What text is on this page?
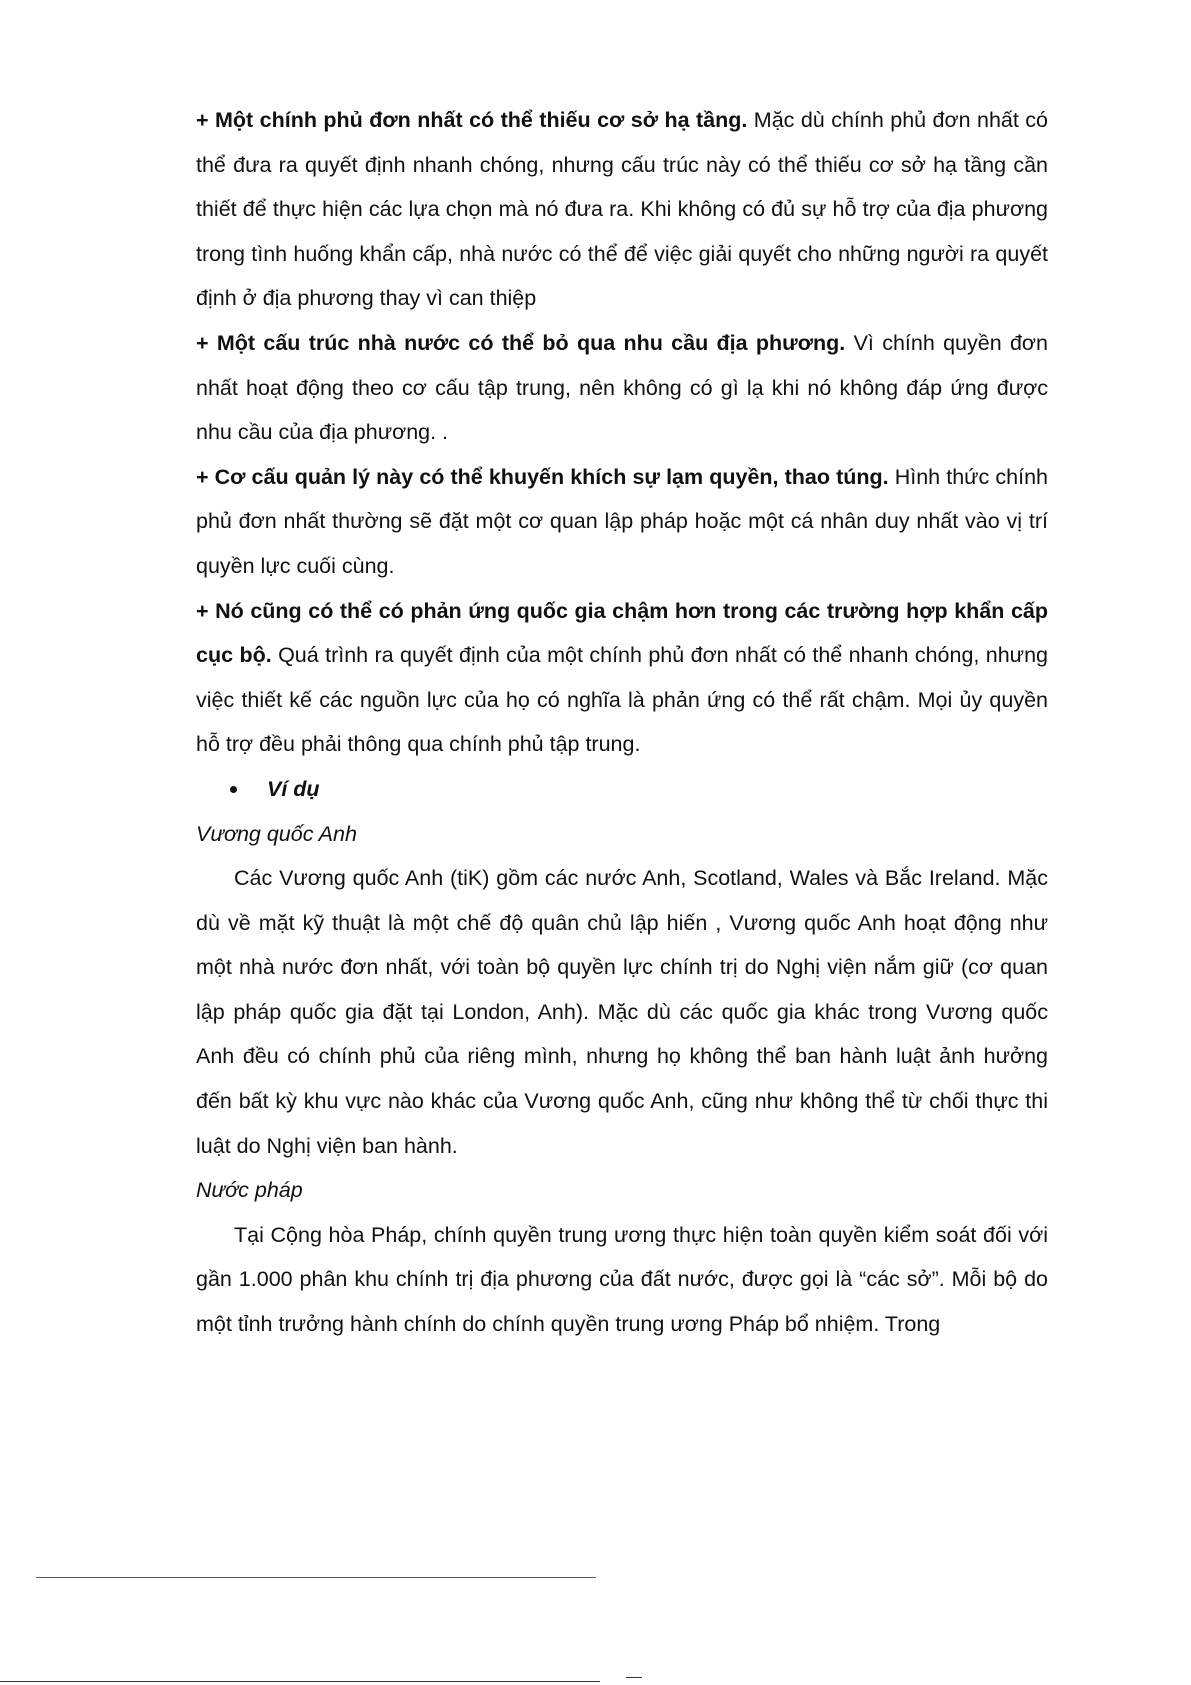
+ Một chính phủ đơn nhất có thể thiếu cơ sở hạ tầng. Mặc dù chính phủ đơn nhất có thể đưa ra quyết định nhanh chóng, nhưng cấu trúc này có thể thiếu cơ sở hạ tầng cần thiết để thực hiện các lựa chọn mà nó đưa ra. Khi không có đủ sự hỗ trợ của địa phương trong tình huống khẩn cấp, nhà nước có thể để việc giải quyết cho những người ra quyết định ở địa phương thay vì can thiệp

+ Một cấu trúc nhà nước có thể bỏ qua nhu cầu địa phương. Vì chính quyền đơn nhất hoạt động theo cơ cấu tập trung, nên không có gì lạ khi nó không đáp ứng được nhu cầu của địa phương. .

+ Cơ cấu quản lý này có thể khuyến khích sự lạm quyền, thao túng. Hình thức chính phủ đơn nhất thường sẽ đặt một cơ quan lập pháp hoặc một cá nhân duy nhất vào vị trí quyền lực cuối cùng.

+ Nó cũng có thể có phản ứng quốc gia chậm hơn trong các trường hợp khẩn cấp cục bộ. Quá trình ra quyết định của một chính phủ đơn nhất có thể nhanh chóng, nhưng việc thiết kế các nguồn lực của họ có nghĩa là phản ứng có thể rất chậm. Mọi ủy quyền hỗ trợ đều phải thông qua chính phủ tập trung.

Ví dụ

Vương quốc Anh

Các Vương quốc Anh (tiK) gồm các nước Anh, Scotland, Wales và Bắc Ireland. Mặc dù về mặt kỹ thuật là một chế độ quân chủ lập hiến , Vương quốc Anh hoạt động như một nhà nước đơn nhất, với toàn bộ quyền lực chính trị do Nghị viện nắm giữ (cơ quan lập pháp quốc gia đặt tại London, Anh). Mặc dù các quốc gia khác trong Vương quốc Anh đều có chính phủ của riêng mình, nhưng họ không thể ban hành luật ảnh hưởng đến bất kỳ khu vực nào khác của Vương quốc Anh, cũng như không thể từ chối thực thi luật do Nghị viện ban hành.

Nước pháp

Tại Cộng hòa Pháp, chính quyền trung ương thực hiện toàn quyền kiểm soát đối với gần 1.000 phân khu chính trị địa phương của đất nước, được gọi là “các sở”. Mỗi bộ do một tỉnh trưởng hành chính do chính quyền trung ương Pháp bổ nhiệm. Trong
